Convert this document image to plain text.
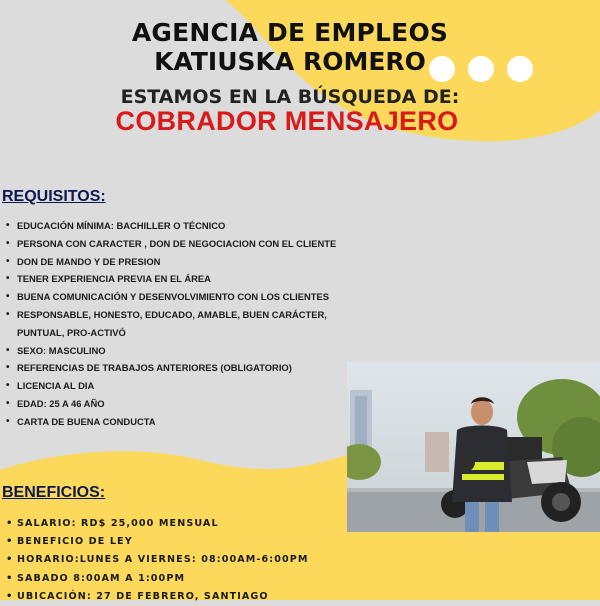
AGENCIA DE EMPLEOS
KATIUSKA ROMERO
ESTAMOS EN LA BÚSQUEDA DE:
COBRADOR MENSAJERO
REQUISITOS:
• EDUCACIÓN MÍNIMA: BACHILLER O TÉCNICO
• PERSONA CON CARACTER , DON DE NEGOCIACION CON EL CLIENTE
• DON DE MANDO Y DE PRESION
• TENER EXPERIENCIA PREVIA EN EL ÁREA
• BUENA COMUNICACIÓN Y DESENVOLVIMIENTO CON LOS CLIENTES
• RESPONSABLE, HONESTO, EDUCADO, AMABLE, BUEN CARÁCTER, PUNTUAL, PRO-ACTIVÓ
• SEXO: MASCULINO
• REFERENCIAS DE TRABAJOS ANTERIORES (OBLIGATORIO)
• LICENCIA AL DIA
• EDAD: 25 A 46 AÑO
• CARTA DE BUENA CONDUCTA
BENEFICIOS:
• SALARIO: RD$ 25,000 MENSUAL
• BENEFICIO DE LEY
• HORARIO:LUNES A VIERNES: 08:00AM-6:00PM
• SABADO 8:00AM A 1:00PM
• UBICACIÓN: 27 DE FEBRERO, SANTIAGO
